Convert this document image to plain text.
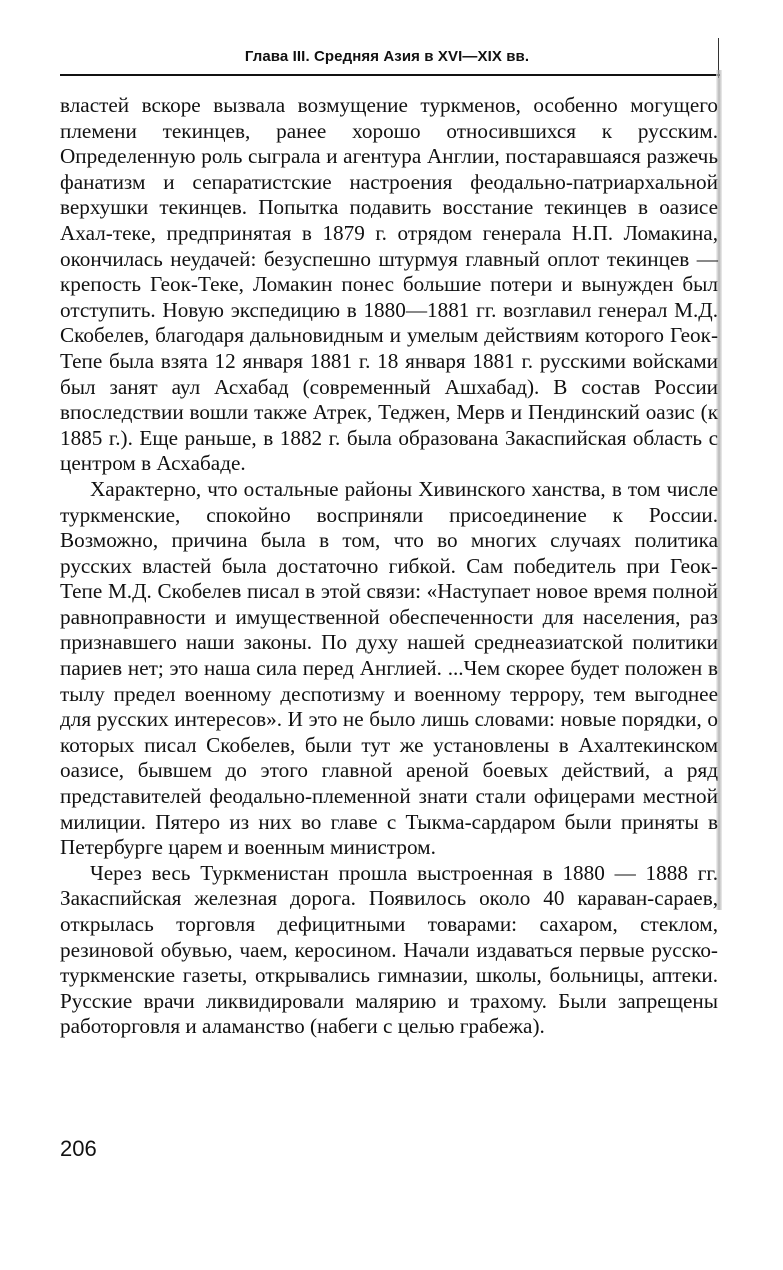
Глава III. Средняя Азия в XVI—XIX вв.

властей вскоре вызвала возмущение туркменов, особенно могущего племени текинцев, ранее хорошо относившихся к русским. Определенную роль сыграла и агентура Англии, постаравшаяся разжечь фанатизм и сепаратистские настроения феодально-патриархальной верхушки текинцев. Попытка подавить восстание текинцев в оазисе Ахал-теке, предпринятая в 1879 г. отрядом генерала Н.П. Ломакина, окончилась неудачей: безуспешно штурмуя главный оплот текинцев — крепость Геок-Теке, Ломакин понес большие потери и вынужден был отступить. Новую экспедицию в 1880—1881 гг. возглавил генерал М.Д. Скобелев, благодаря дальновидным и умелым действиям которого Геок-Тепе была взята 12 января 1881 г. 18 января 1881 г. русскими войсками был занят аул Асхабад (современный Ашхабад). В состав России впоследствии вошли также Атрек, Теджен, Мерв и Пендинский оазис (к 1885 г.). Еще раньше, в 1882 г. была образована Закаспийская область с центром в Асхабаде.

Характерно, что остальные районы Хивинского ханства, в том числе туркменские, спокойно восприняли присоединение к России. Возможно, причина была в том, что во многих случаях политика русских властей была достаточно гибкой. Сам победитель при Геок-Тепе М.Д. Скобелев писал в этой связи: «Наступает новое время полной равноправности и имущественной обеспеченности для населения, раз признавшего наши законы. По духу нашей среднеазиатской политики париев нет; это наша сила перед Англией. ...Чем скорее будет положен в тылу предел военному деспотизму и военному террору, тем выгоднее для русских интересов». И это не было лишь словами: новые порядки, о которых писал Скобелев, были тут же установлены в Ахалтекинском оазисе, бывшем до этого главной ареной боевых действий, а ряд представителей феодально-племенной знати стали офицерами местной милиции. Пятеро из них во главе с Тыкма-сардаром были приняты в Петербурге царем и военным министром.

Через весь Туркменистан прошла выстроенная в 1880 — 1888 гг. Закаспийская железная дорога. Появилось около 40 караван-сараев, открылась торговля дефицитными товарами: сахаром, стеклом, резиновой обувью, чаем, керосином. Начали издаваться первые русско-туркменские газеты, открывались гимназии, школы, больницы, аптеки. Русские врачи ликвидировали малярию и трахому. Были запрещены работорговля и аламанство (набеги с целью грабежа).

206
